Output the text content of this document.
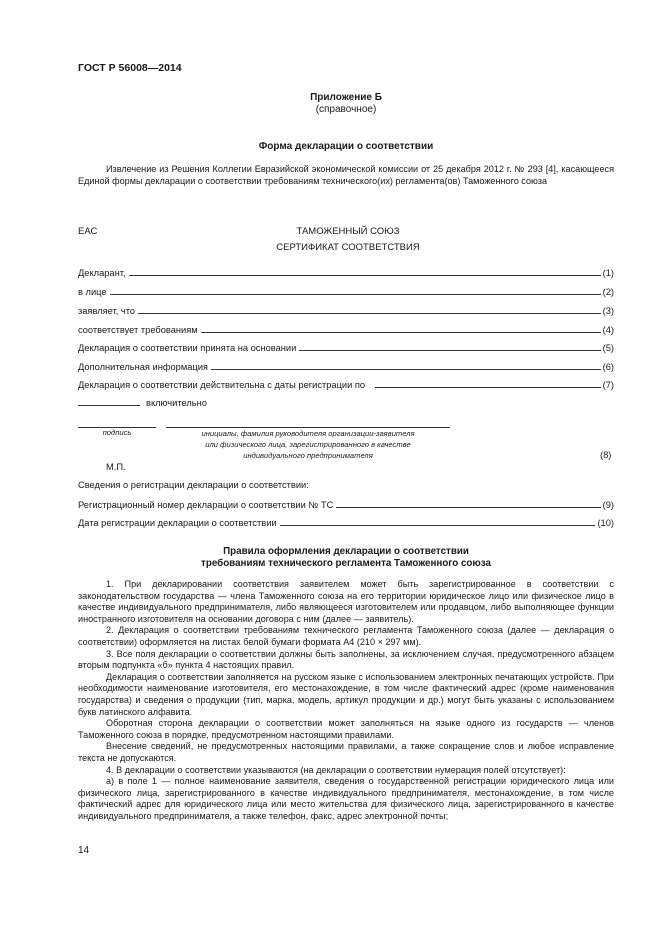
ГОСТ Р 56008—2014
Приложение Б
(справочное)
Форма декларации о соответствии
Извлечение из Решения Коллегии Евразийской экономической комиссии от 25 декабря 2012 г. № 293 [4], касающееся Единой формы декларации о соответствии требованиям технического(их) регламента(ов) Таможенного союза
ЕАС	ТАМОЖЕННЫЙ СОЮЗ
СЕРТИФИКАТ СООТВЕТСТВИЯ
Декларант,	(1)
в лице	(2)
заявляет, что	(3)
соответствует требованиям	(4)
Декларация о соответствии принята на основании	(5)
Дополнительная информация	(6)
Декларация о соответствии действительна с даты регистрации по	(7)
включительно
подпись	инициалы, фамилия руководителя организации-заявителя
или физического лица, зарегистрированного в качестве
индивидуального предпринимателя	(8)
М.П.
Сведения о регистрации декларации о соответствии:
Регистрационный номер декларации о соответствии № ТС	(9)
Дата регистрации декларации о соответствии	(10)
Правила оформления декларации о соответствии
требованиям технического регламента Таможенного союза

1. При декларировании соответствия заявителем может быть зарегистрированное в соответствии с законодательством государства — члена Таможенного союза на его территории юридическое лицо или физическое лицо в качестве индивидуального предпринимателя, либо являющееся изготовителем или продавцом, либо выполняющее функции иностранного изготовителя на основании договора с ним (далее — заявитель).

2. Декларация о соответствии требованиям технического регламента Таможенного союза (далее — декларация о соответствии) оформляется на листах белой бумаги формата А4 (210 × 297 мм).

3. Все поля декларации о соответствии должны быть заполнены, за исключением случая, предусмотренного абзацем вторым подпункта «б» пункта 4 настоящих правил.

Декларация о соответствии заполняется на русском языке с использованием электронных печатающих устройств. При необходимости наименование изготовителя, его местонахождение, в том числе фактический адрес (кроме наименования государства) и сведения о продукции (тип, марка, модель, артикул продукции и др.) могут быть указаны с использованием букв латинского алфавита.

Оборотная сторона декларации о соответствии может заполняться на языке одного из государств — членов Таможенного союза в порядке, предусмотренном настоящими правилами.

Внесение сведений, не предусмотренных настоящими правилами, а также сокращение слов и любое исправление текста не допускаются.

4. В декларации о соответствии указываются (на декларации о соответствии нумерация полей отсутствует):

а) в поле 1 — полное наименование заявителя, сведения о государственной регистрации юридического лица или физического лица, зарегистрированного в качестве индивидуального предпринимателя, местонахождение, в том числе фактический адрес для юридического лица или место жительства для физического лица, зарегистрированного в качестве индивидуального предпринимателя, а также телефон, факс, адрес электронной почты;

14
